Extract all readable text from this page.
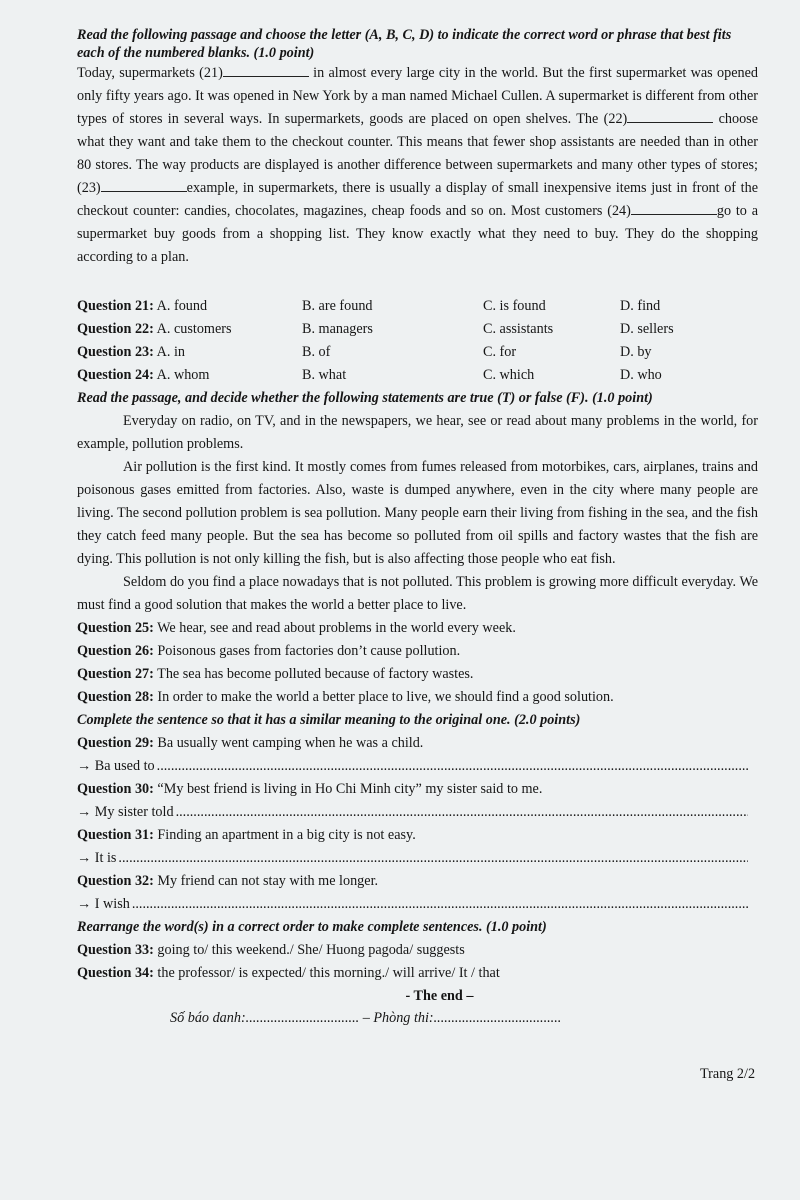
Read the following passage and choose the letter (A, B, C, D) to indicate the correct word or phrase that best fits each of the numbered blanks. (1.0 point)

Today, supermarkets (21)	in almost every large city in the world. But the first supermarket was opened only fifty years ago. It was opened in New York by a man named Michael Cullen. A supermarket is different from other types of stores in several ways. In supermarkets, goods are placed on open shelves. The (22)	choose what they want and take them to the checkout counter. This means that fewer shop assistants are needed than in other 80 stores. The way products are displayed is another difference between supermarkets and many other types of stores; (23)	example, in supermarkets, there is usually a display of small inexpensive items just in front of the checkout counter: candies, chocolates, magazines, cheap foods and so on. Most customers (24)	go to a supermarket buy goods from a shopping list. They know exactly what they need to buy. They do the shopping according to a plan.

Question 21: A. found	B. are found	C. is found	D. find
Question 22: A. customers	B. managers	C. assistants	D. sellers
Question 23: A. in	B. of	C. for	D. by
Question 24: A. whom	B. what	C. which	D. who

Read the passage, and decide whether the following statements are true (T) or false (F). (1.0 point)

Everyday on radio, on TV, and in the newspapers, we hear, see or read about many problems in the world, for example, pollution problems.

Air pollution is the first kind. It mostly comes from fumes released from motorbikes, cars, airplanes, trains and poisonous gases emitted from factories. Also, waste is dumped anywhere, even in the city where many people are living. The second pollution problem is sea pollution. Many people earn their living from fishing in the sea, and the fish they catch feed many people. But the sea has become so polluted from oil spills and factory wastes that the fish are dying. This pollution is not only killing the fish, but is also affecting those people who eat fish.

Seldom do you find a place nowadays that is not polluted. This problem is growing more difficult everyday. We must find a good solution that makes the world a better place to live.

Question 25: We hear, see and read about problems in the world every week.

Question 26: Poisonous gases from factories don’t cause pollution.

Question 27: The sea has become polluted because of factory wastes.

Question 28: In order to make the world a better place to live, we should find a good solution.

Complete the sentence so that it has a similar meaning to the original one. (2.0 points)

Question 29: Ba usually went camping when he was a child.

→ Ba used to
.....

Question 30: “My best friend is living in Ho Chi Minh city” my sister said to me.

→ My sister told
.....

Question 31: Finding an apartment in a big city is not easy.

→ It is
.....

Question 32: My friend can not stay with me longer.

→ I wish
.....

Rearrange the word(s) in a correct order to make complete sentences. (1.0 point)

Question 33: going to/ this weekend./ She/ Huong pagoda/ suggests

Question 34: the professor/ is expected/ this morning./ will arrive/ It / that

- The end –
Số báo danh:................................ – Phòng thi:....................................
Trang 2/2
